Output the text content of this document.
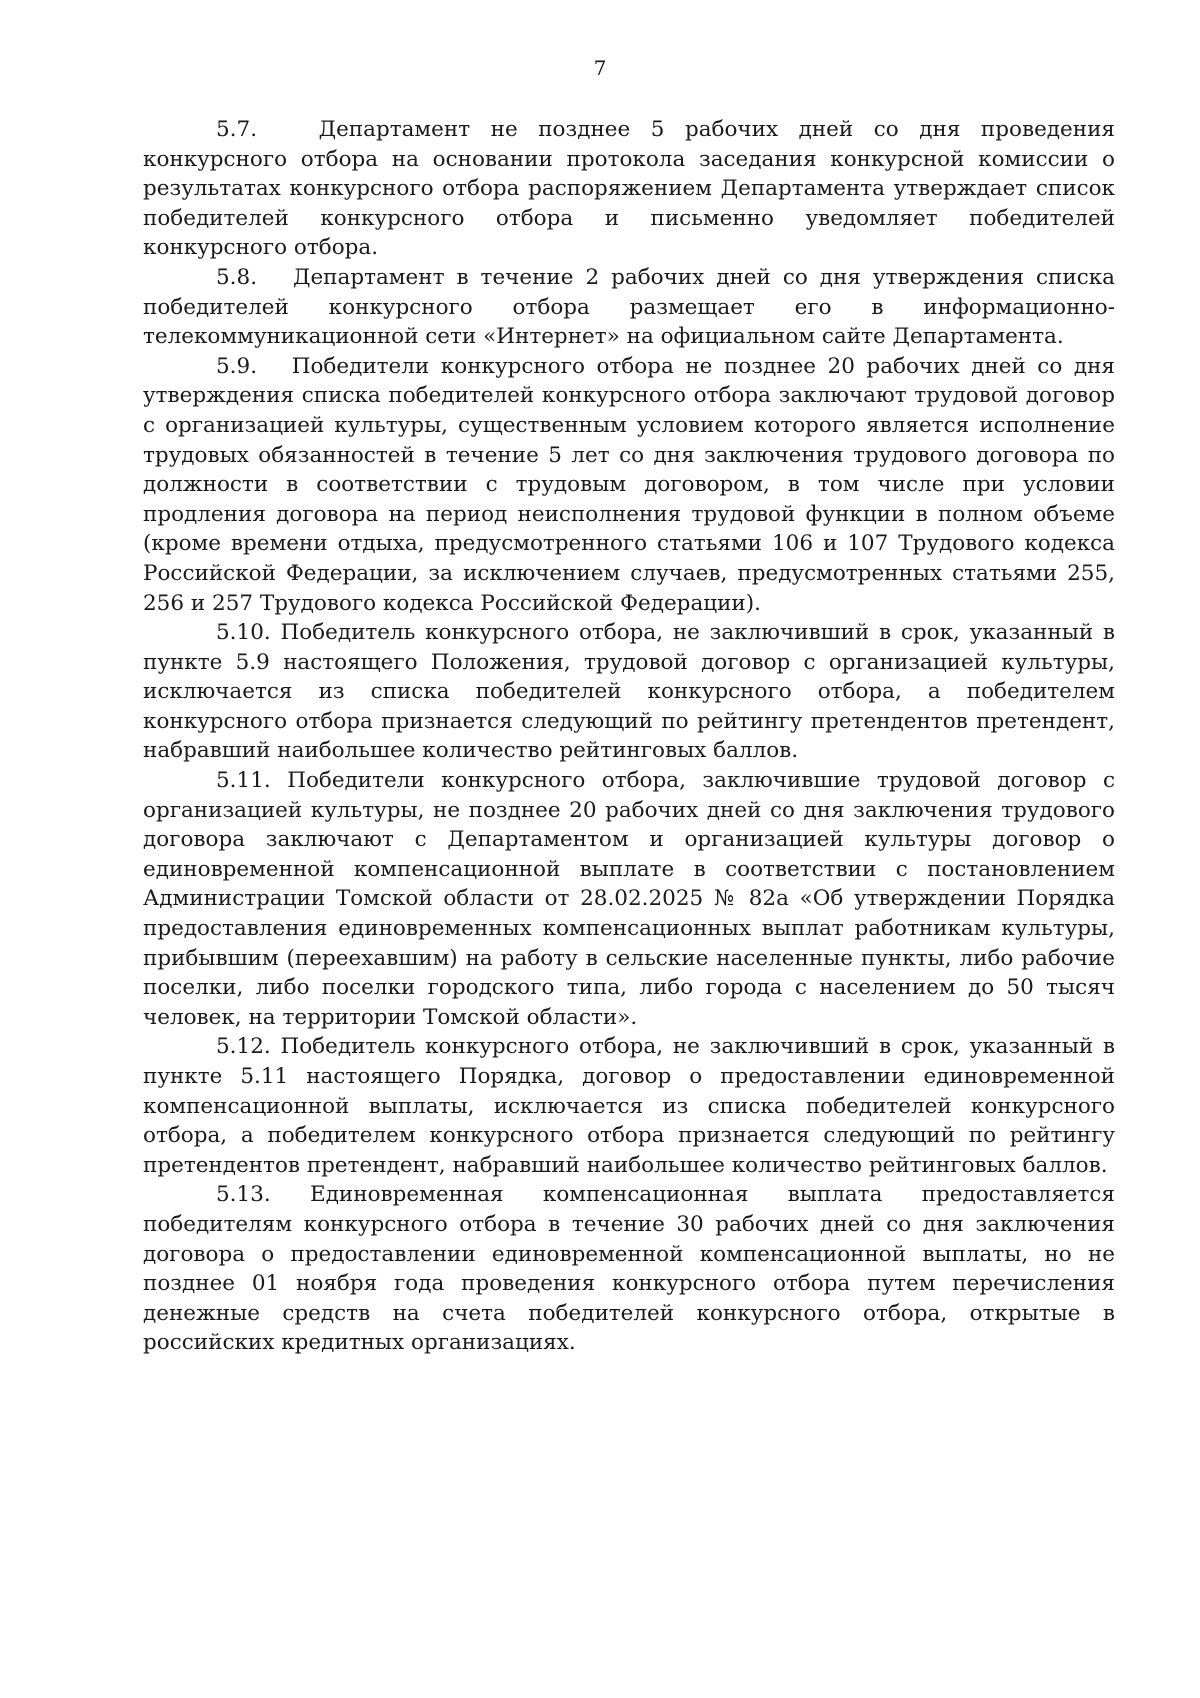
7

5.7.	Департамент не позднее 5 рабочих дней со дня проведения конкурсного отбора на основании протокола заседания конкурсной комиссии о результатах конкурсного отбора распоряжением Департамента утверждает список победителей конкурсного отбора и письменно уведомляет победителей конкурсного отбора.

5.8. Департамент в течение 2 рабочих дней со дня утверждения списка победителей конкурсного отбора размещает его в информационно-телекоммуникационной сети «Интернет» на официальном сайте Департамента.

5.9. Победители конкурсного отбора не позднее 20 рабочих дней со дня утверждения списка победителей конкурсного отбора заключают трудовой договор с организацией культуры, существенным условием которого является исполнение трудовых обязанностей в течение 5 лет со дня заключения трудового договора по должности в соответствии с трудовым договором, в том числе при условии продления договора на период неисполнения трудовой функции в полном объеме (кроме времени отдыха, предусмотренного статьями 106 и 107 Трудового кодекса Российской Федерации, за исключением случаев, предусмотренных статьями 255, 256 и 257 Трудового кодекса Российской Федерации).

5.10. Победитель конкурсного отбора, не заключивший в срок, указанный в пункте 5.9 настоящего Положения, трудовой договор с организацией культуры, исключается из списка победителей конкурсного отбора, а победителем конкурсного отбора признается следующий по рейтингу претендентов претендент, набравший наибольшее количество рейтинговых баллов.

5.11. Победители конкурсного отбора, заключившие трудовой договор с организацией культуры, не позднее 20 рабочих дней со дня заключения трудового договора заключают с Департаментом и организацией культуры договор о единовременной компенсационной выплате в соответствии с постановлением Администрации Томской области от 28.02.2025 № 82а «Об утверждении Порядка предоставления единовременных компенсационных выплат работникам культуры, прибывшим (переехавшим) на работу в сельские населенные пункты, либо рабочие поселки, либо поселки городского типа, либо города с населением до 50 тысяч человек, на территории Томской области».

5.12. Победитель конкурсного отбора, не заключивший в срок, указанный в пункте 5.11 настоящего Порядка, договор о предоставлении единовременной компенсационной выплаты, исключается из списка победителей конкурсного отбора, а победителем конкурсного отбора признается следующий по рейтингу претендентов претендент, набравший наибольшее количество рейтинговых баллов.

5.13. Единовременная компенсационная выплата предоставляется победителям конкурсного отбора в течение 30 рабочих дней со дня заключения договора о предоставлении единовременной компенсационной выплаты, но не позднее 01 ноября года проведения конкурсного отбора путем перечисления денежные средств на счета победителей конкурсного отбора, открытые в российских кредитных организациях.
